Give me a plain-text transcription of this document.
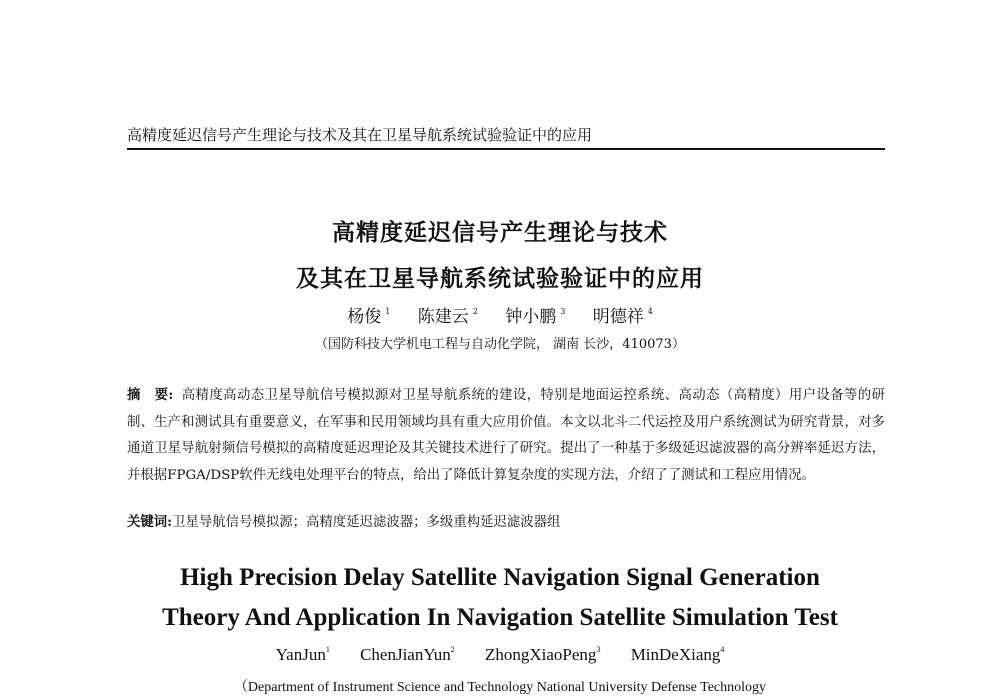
高精度延迟信号产生理论与技术及其在卫星导航系统试验验证中的应用
高精度延迟信号产生理论与技术
及其在卫星导航系统试验验证中的应用
杨俊 $^1$ 陈建云 $^2$ 钟小鹏 $^3$ 明德祥 $^4$
（国防科技大学机电工程与自动化学院， 湖南 长沙，410073）
摘　要: 高精度高动态卫星导航信号模拟源对卫星导航系统的建设，特别是地面运控系统、高动态（高精度）用户设备等的研制、生产和测试具有重要意义，在军事和民用领域均具有重大应用价值。本文以北斗二代运控及用户系统测试为研究背景，对多通道卫星导航射频信号模拟的高精度延迟理论及其关键技术进行了研究。提出了一种基于多级延迟滤波器的高分辨率延迟方法，并根据FPGA/DSP软件无线电处理平台的特点，给出了降低计算复杂度的实现方法，介绍了了测试和工程应用情况。
关键词:卫星导航信号模拟源；高精度延迟滤波器；多级重构延迟滤波器组
High Precision Delay Satellite Navigation Signal Generation
Theory And Application In Navigation Satellite Simulation Test
YanJun$^1$ ChenJianYun$^2$ ZhongXiaoPeng$^3$ MinDeXiang$^4$
（Department of Instrument Science and Technology National University Defense Technology
